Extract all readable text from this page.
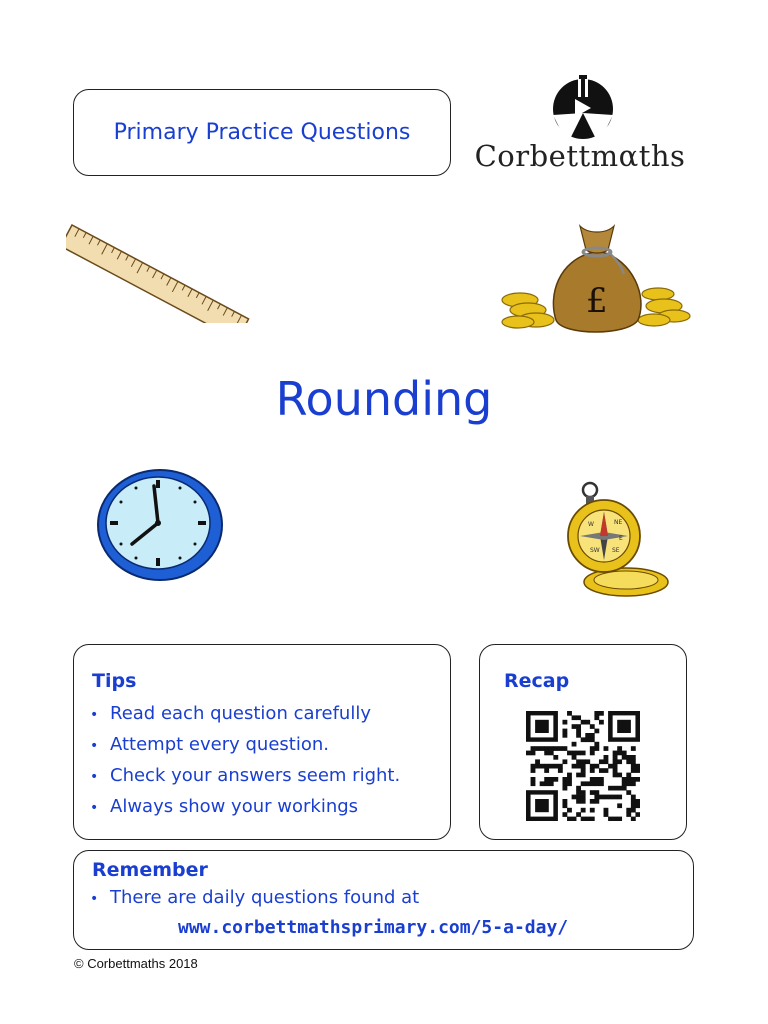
Primary Practice Questions
Corbettmαths
£
Rounding
NE
E
SE
SW
W
Tips
• Read each question carefully
• Attempt every question.
• Check your answers seem right.
• Always show your workings
Recap
Remember
• There are daily questions found at
www.corbettmathsprimary.com/5-a-day/
© Corbettmaths 2018
